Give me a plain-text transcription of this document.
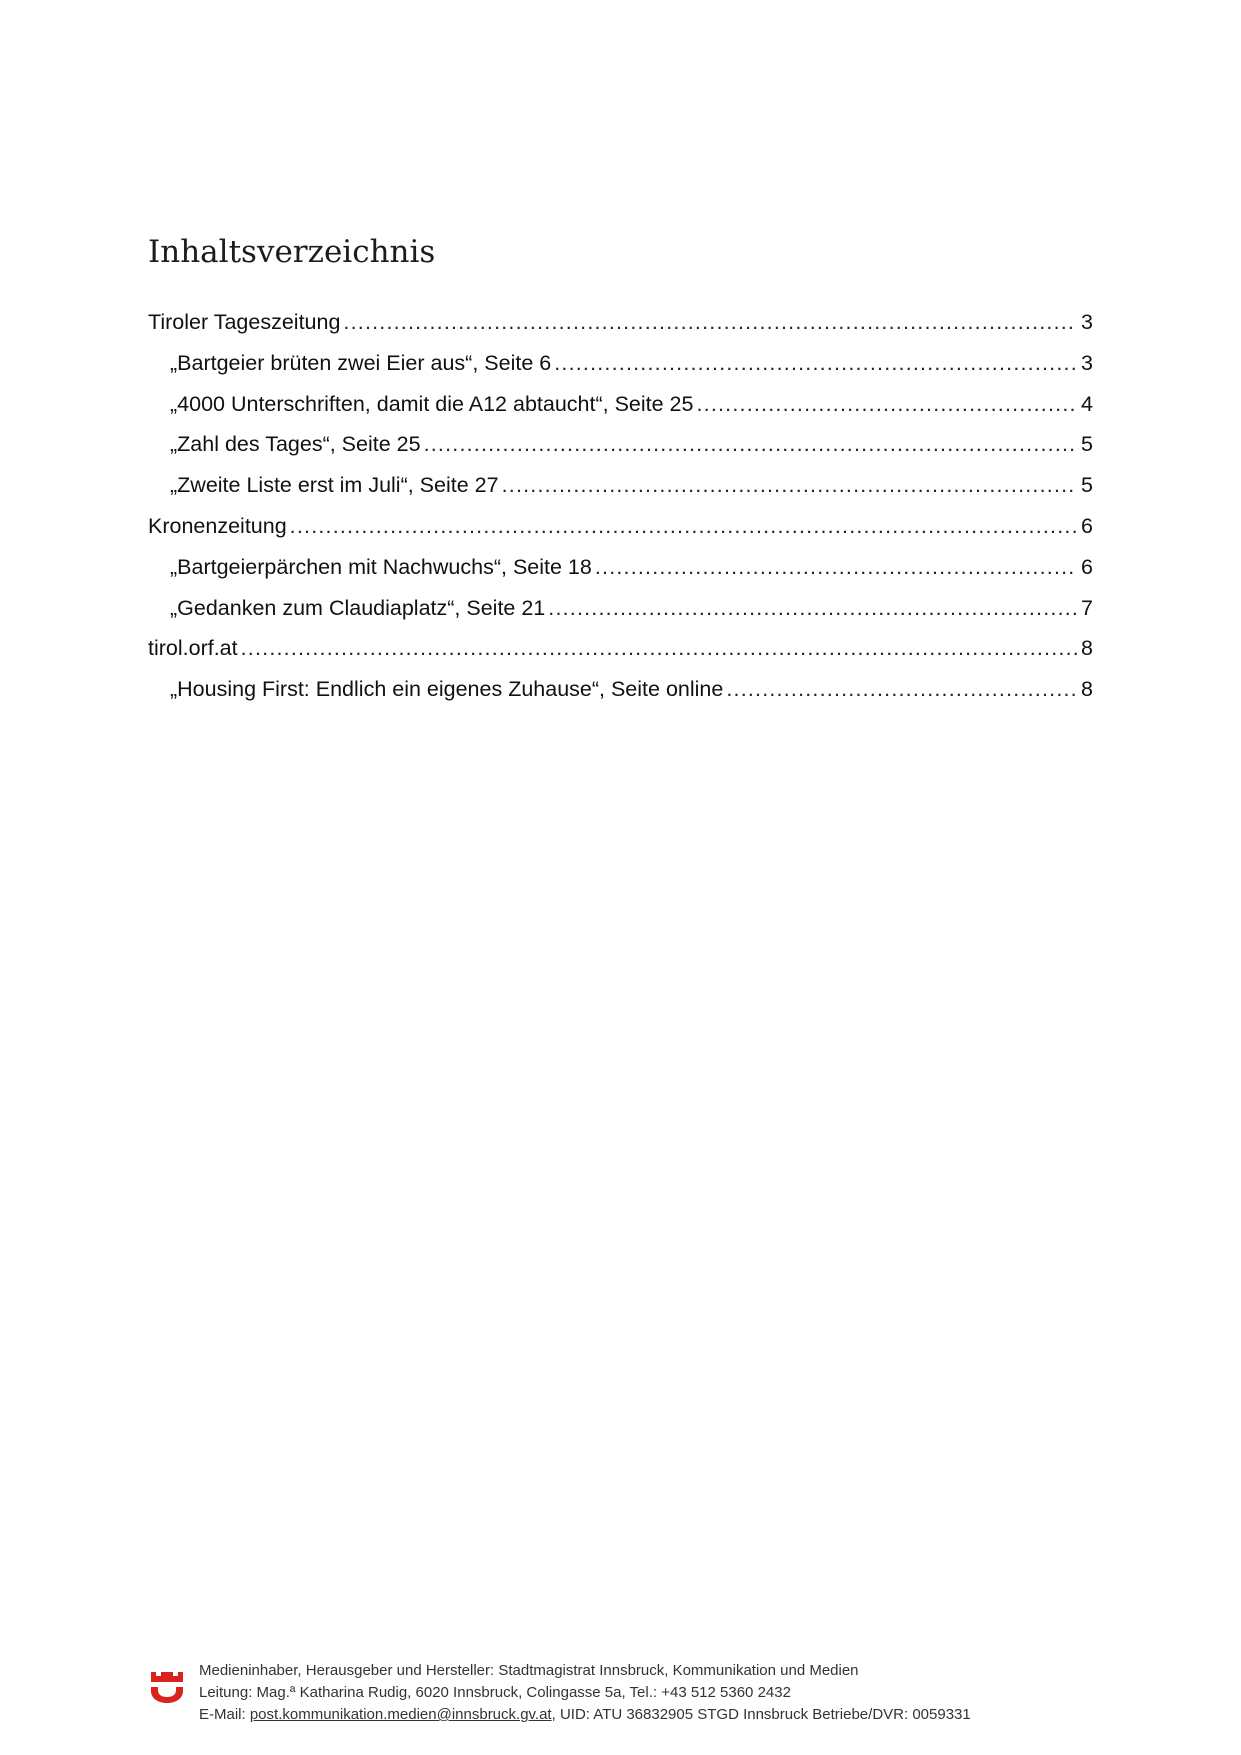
Inhaltsverzeichnis
Tiroler Tageszeitung .....	3
„Bartgeier brüten zwei Eier aus“, Seite 6 .....	3
„4000 Unterschriften, damit die A12 abtaucht“, Seite 25 .....	4
„Zahl des Tages“, Seite 25 .....	5
„Zweite Liste erst im Juli“, Seite 27 .....	5
Kronenzeitung .....	6
„Bartgeierpärchen mit Nachwuchs“, Seite 18 .....	6
„Gedanken zum Claudiaplatz“, Seite 21 .....	7
tirol.orf.at .....	8
„Housing First: Endlich ein eigenes Zuhause“, Seite online .....	8
Medieninhaber, Herausgeber und Hersteller: Stadtmagistrat Innsbruck, Kommunikation und Medien
Leitung: Mag.ª Katharina Rudig, 6020 Innsbruck, Colingasse 5a, Tel.: +43 512 5360 2432
E-Mail: post.kommunikation.medien@innsbruck.gv.at, UID: ATU 36832905 STGD Innsbruck Betriebe/DVR: 0059331
